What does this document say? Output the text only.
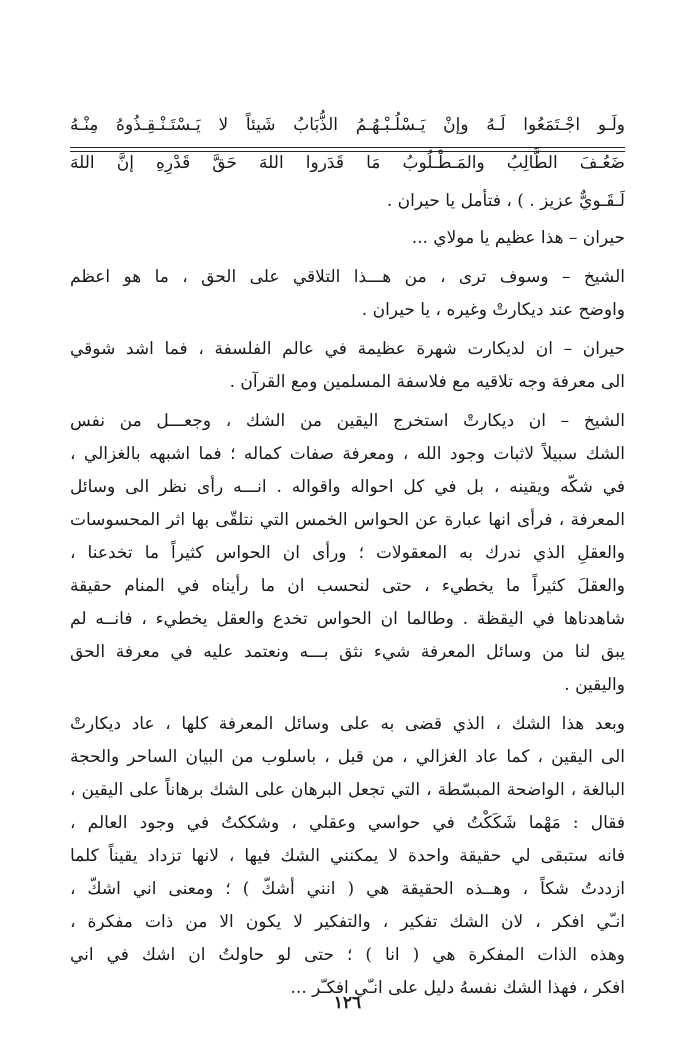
ولَـو اجْـتَمَعُوا لَـهُ وإنْ يَـسْلُـبْـهُـمُ الذُّبَابُ شَيئاً لا يَـسْتَـنْـقِـذُوهُ مِنْـهُ
ضَعُـفَ الطَّالِبُ والمَـطْـلُوبُ مَا قَدَروا اللهَ حَقَّ قَدْرِهِ إنَّ اللهَ
لَـقَـويٌّ عزيز . ) ، فتأمل يا حيران .
حيران – هذا عظيم يا مولاي ...
الشيخ – وسوف ترى ، من هـــذا التلاقي على الحق ، ما هو اعظم
واوضح عند ديكارتْ وغيره ، يا حيران .
حيران – ان لديكارت شهرة عظيمة في عالم الفلسفة ، فما اشد شوقي
الى معرفة وجه تلاقيه مع فلاسفة المسلمين ومع القرآن .
الشيخ – ان ديكارتْ استخرج اليقين من الشك ، وجعـــل من نفس
الشك سبيلاً لاثبات وجود الله ، ومعرفة صفات كماله ؛ فما اشبهه بالغزالي ،
في شكّه ويقينه ، بل في كل احواله واقواله . انـــه رأى نظر الى وسائل
المعرفة ، فرأى انها عبارة عن الحواس الخمس التي نتلقّى بها اثر المحسوسات
والعقلِ الذي ندرك به المعقولات ؛ ورأى ان الحواس كثيراً ما تخدعنا ،
والعقلَ كثيراً ما يخطيء ، حتى لنحسب ان ما رأيناه في المنام حقيقة
شاهدناها في اليقظة . وطالما ان الحواس تخدع والعقل يخطيء ، فانــه لم
يبق لنا من وسائل المعرفة شيء نثق بـــه ونعتمد عليه في معرفة الحق
واليقين .
وبعد هذا الشك ، الذي قضى به على وسائل المعرفة كلها ، عاد ديكارتْ
الى اليقين ، كما عاد الغزالي ، من قبل ، باسلوب من البيان الساحر والحجة
البالغة ، الواضحة المبسّطة ، التي تجعل البرهان على الشك برهاناً على اليقين ،
فقال : مَهْما شَكَكْتُ في حواسي وعقلي ، وشككتُ في وجود العالم ،
فانه ستبقى لي حقيقة واحدة لا يمكنني الشك فيها ، لانها تزداد يقيناً كلما
ازددتُ شكاً ، وهــذه الحقيقة هي ( انني أشكّ ) ؛ ومعنى اني اشكّ ،
انـّي افكر ، لان الشك تفكير ، والتفكير لا يكون الا من ذات مفكرة ،
وهذه الذات المفكرة هي ( انا ) ؛ حتى لو حاولتُ ان اشك في اني
افكر ، فهذا الشك نفسهُ دليل على انـّي افكـّر ...
١٢٦
